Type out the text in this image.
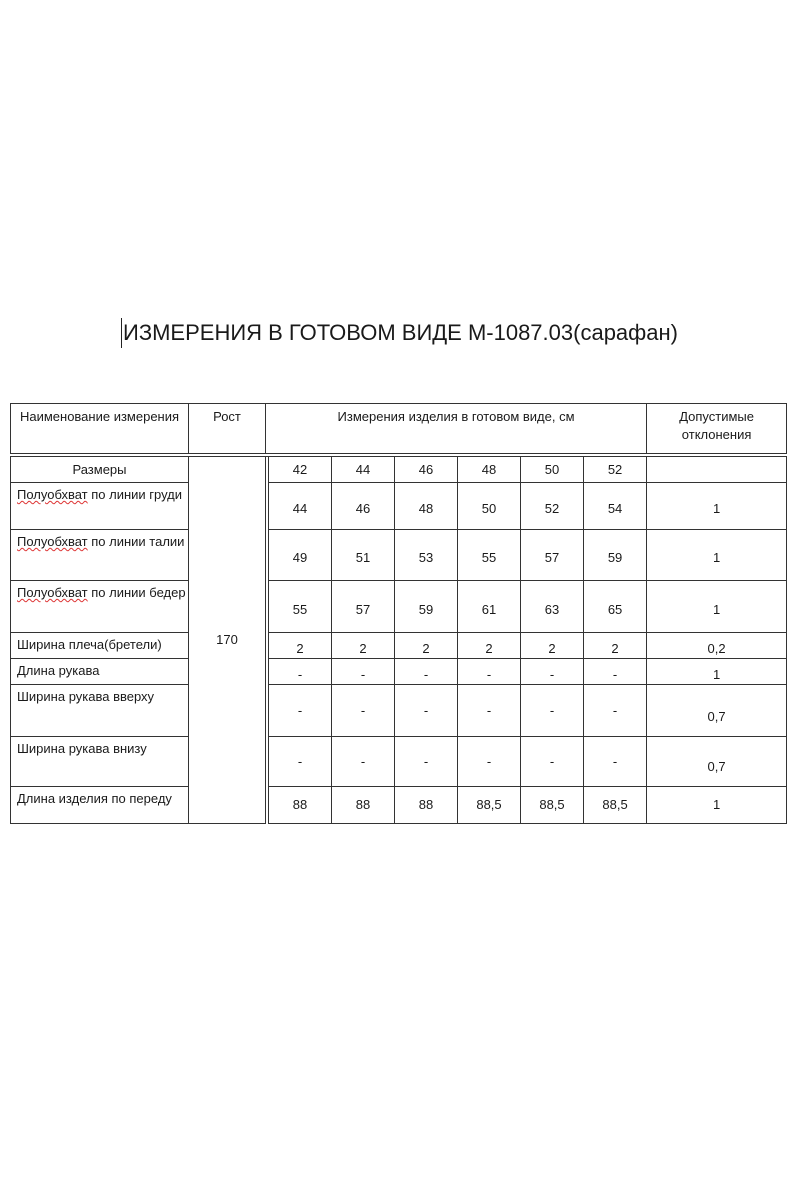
ИЗМЕРЕНИЯ В ГОТОВОМ ВИДЕ М-1087.03(сарафан)
Наименование измерения	Рост	Измерения изделия в готовом виде, см							Допустимые отклонения

Размеры	170		42	44	46	48	50	52	
Полуобхват по линии груди			44	46	48	50	52	54	1
Полуобхват по линии талии			49	51	53	55	57	59	1
Полуобхват по линии бедер			55	57	59	61	63	65	1
Ширина плеча(бретели)			2	2	2	2	2	2	0,2
Длина рукава			-	-	-	-	-	-	1
Ширина рукава вверху			-	-	-	-	-	-	0,7
Ширина рукава внизу			-	-	-	-	-	-	0,7
Длина изделия по переду			88	88	88	88,5	88,5	88,5	1
